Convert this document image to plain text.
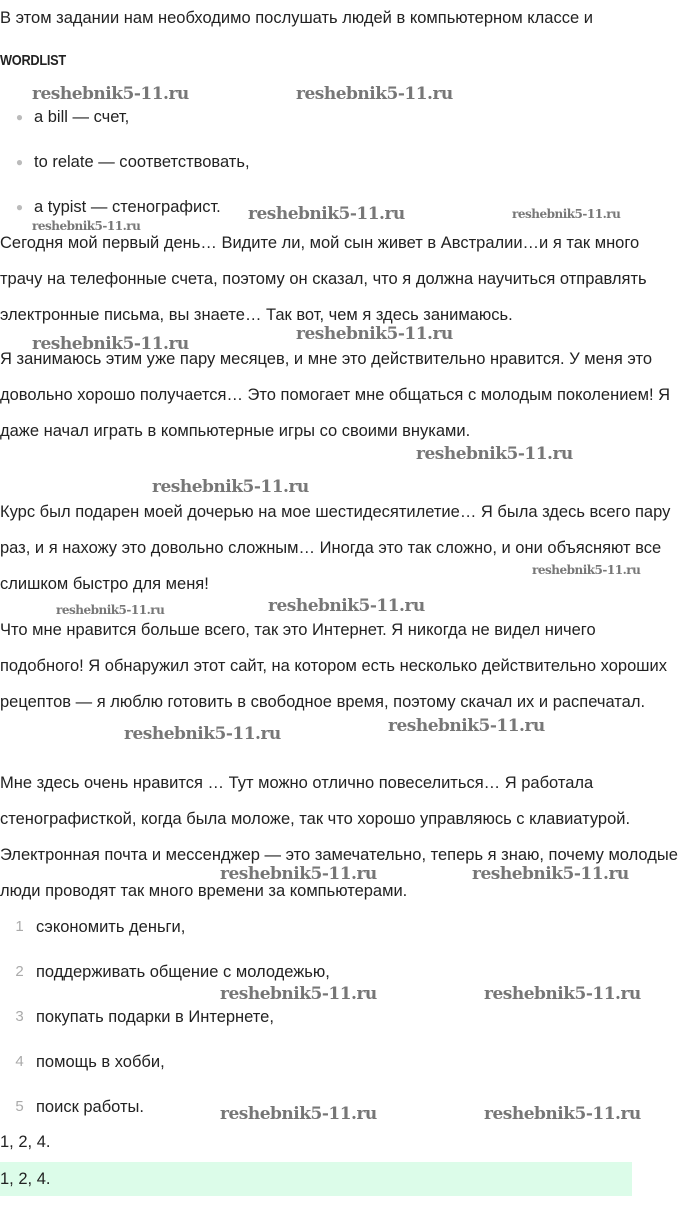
В этом задании нам необходимо послушать людей в компьютерном классе и
WORDLIST
● a bill — счет,
● to relate — соответствовать,
● a typist — стенографист.

Сегодня мой первый день… Видите ли, мой сын живет в Австралии…и я так много трачу на телефонные счета, поэтому он сказал, что я должна научиться отправлять электронные письма, вы знаете… Так вот, чем я здесь занимаюсь.

Я занимаюсь этим уже пару месяцев, и мне это действительно нравится. У меня это довольно хорошо получается… Это помогает мне общаться с молодым поколением! Я даже начал играть в компьютерные игры со своими внуками.

Курс был подарен моей дочерью на мое шестидесятилетие… Я была здесь всего пару раз, и я нахожу это довольно сложным… Иногда это так сложно, и они объясняют все слишком быстро для меня!

Что мне нравится больше всего, так это Интернет. Я никогда не видел ничего подобного! Я обнаружил этот сайт, на котором есть несколько действительно хороших рецептов — я люблю готовить в свободное время, поэтому скачал их и распечатал.

Мне здесь очень нравится … Тут можно отлично повеселиться… Я работала стенографисткой, когда была моложе, так что хорошо управляюсь с клавиатурой. Электронная почта и мессенджер — это замечательно, теперь я знаю, почему молодые люди проводят так много времени за компьютерами.

1 сэкономить деньги,
2 поддерживать общение с молодежью,
3 покупать подарки в Интернете,
4 помощь в хобби,
5 поиск работы.
1, 2, 4.
1, 2, 4.
reshebnik5-11.ru	reshebnik5-11.ru
reshebnik5-11.ru	reshebnik5-11.ru
reshebnik5-11.ru
reshebnik5-11.ru	reshebnik5-11.ru
reshebnik5-11.ru
reshebnik5-11.ru
reshebnik5-11.ru
reshebnik5-11.ru	reshebnik5-11.ru
reshebnik5-11.ru
reshebnik5-11.ru
reshebnik5-11.ru	reshebnik5-11.ru
reshebnik5-11.ru	reshebnik5-11.ru
reshebnik5-11.ru	reshebnik5-11.ru
